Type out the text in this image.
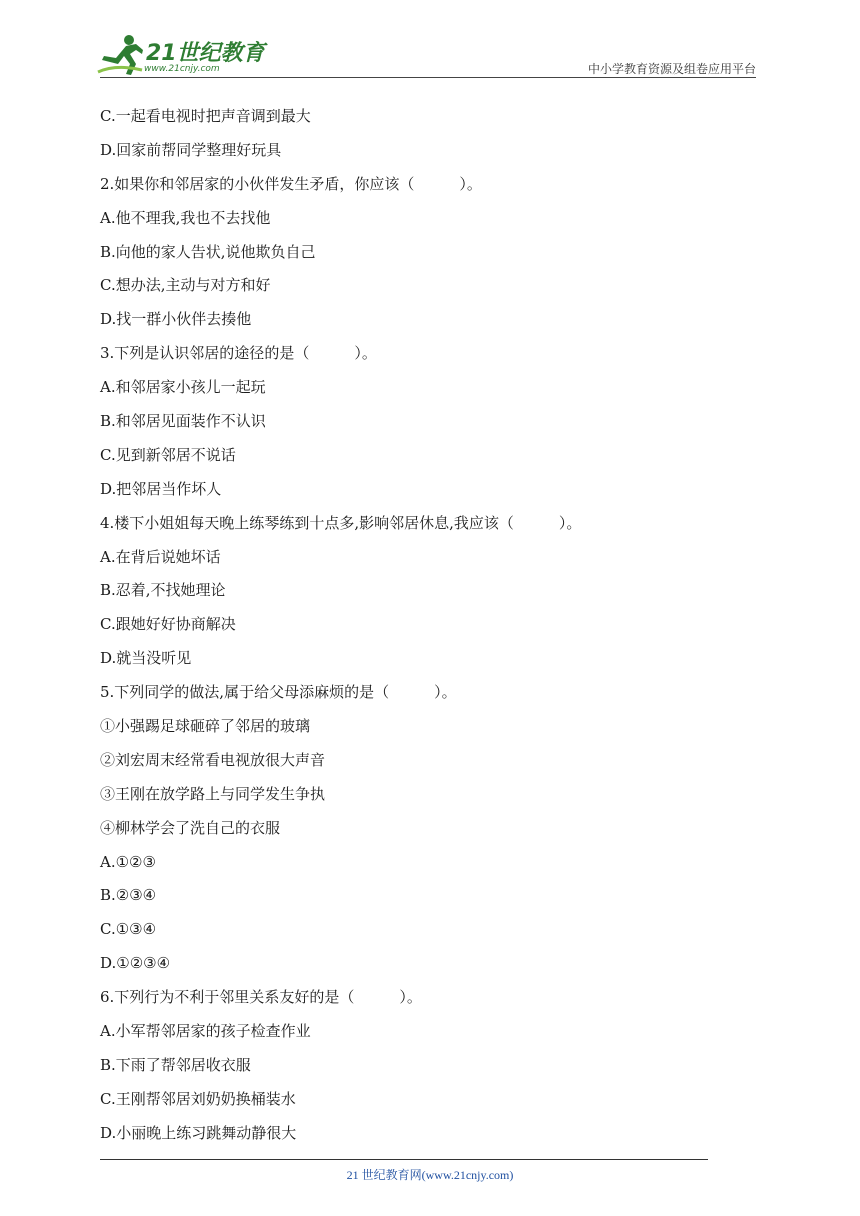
21世纪教育
www.21cnjy.com	中小学教育资源及组卷应用平台
C.一起看电视时把声音调到最大
D.回家前帮同学整理好玩具
2.如果你和邻居家的小伙伴发生矛盾，你应该（　　　）。
A.他不理我,我也不去找他
B.向他的家人告状,说他欺负自己
C.想办法,主动与对方和好
D.找一群小伙伴去揍他
3.下列是认识邻居的途径的是（　　　）。
A.和邻居家小孩儿一起玩
B.和邻居见面装作不认识
C.见到新邻居不说话
D.把邻居当作坏人
4.楼下小姐姐每天晚上练琴练到十点多,影响邻居休息,我应该（　　　）。
A.在背后说她坏话
B.忍着,不找她理论
C.跟她好好协商解决
D.就当没听见
5.下列同学的做法,属于给父母添麻烦的是（　　　）。
①小强踢足球砸碎了邻居的玻璃
②刘宏周末经常看电视放很大声音
③王刚在放学路上与同学发生争执
④柳林学会了洗自己的衣服
A.①②③
B.②③④
C.①③④
D.①②③④
6.下列行为不利于邻里关系友好的是（　　　）。
A.小军帮邻居家的孩子检查作业
B.下雨了帮邻居收衣服
C.王刚帮邻居刘奶奶换桶装水
D.小丽晚上练习跳舞动静很大
21 世纪教育网(www.21cnjy.com)
